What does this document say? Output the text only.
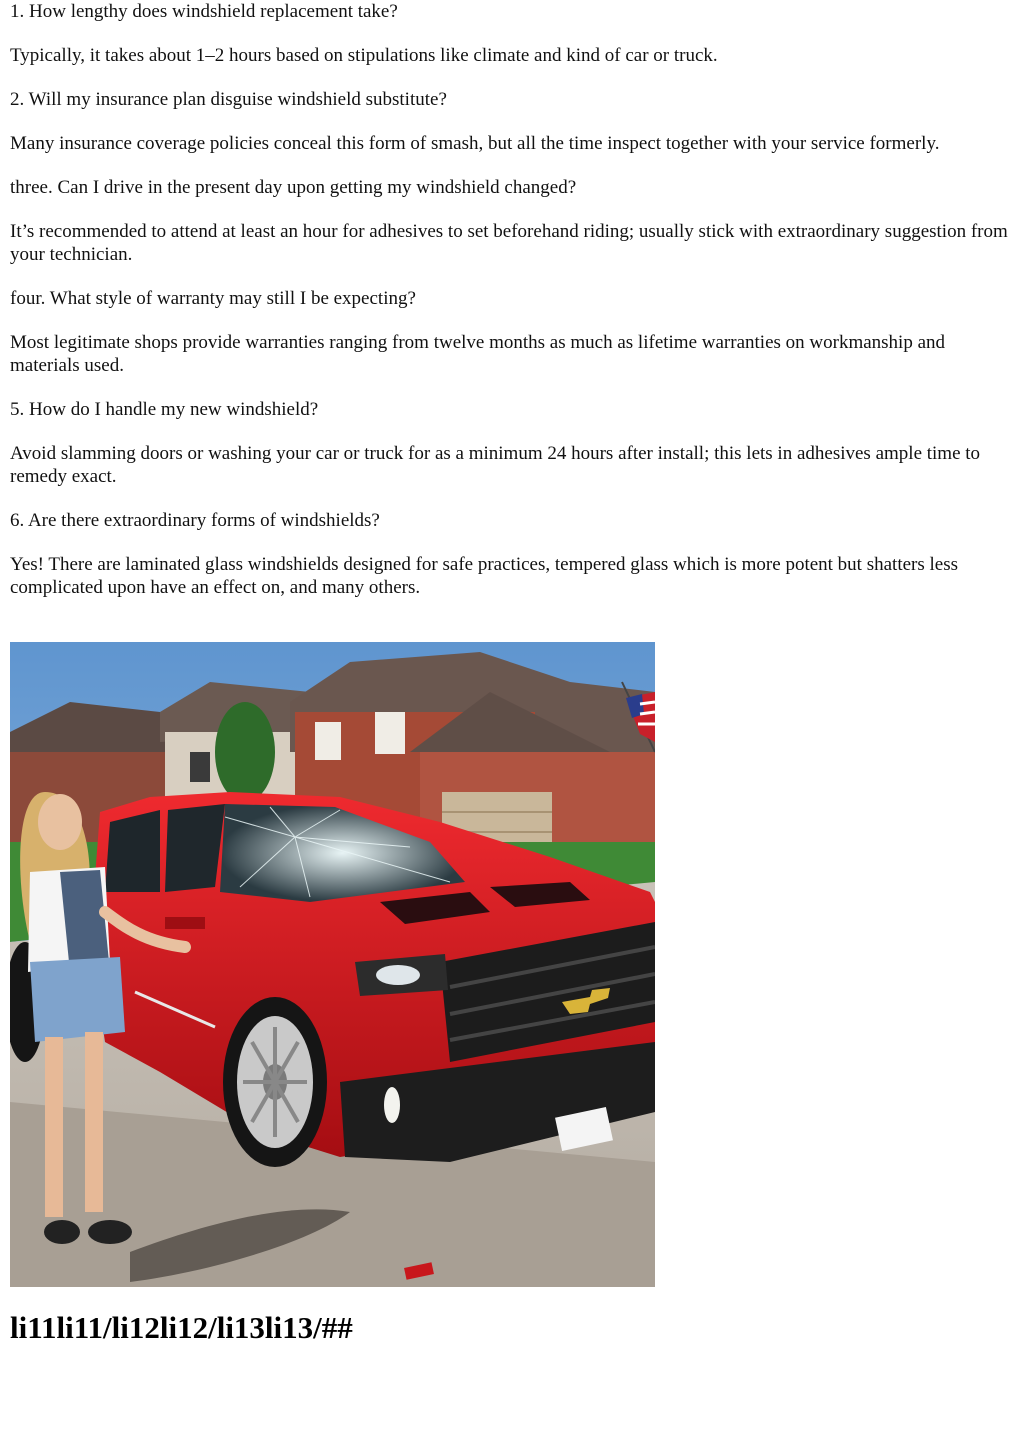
1. How lengthy does windshield replacement take?

Typically, it takes about 1–2 hours based on stipulations like climate and kind of car or truck.

2. Will my insurance plan disguise windshield substitute?

Many insurance coverage policies conceal this form of smash, but all the time inspect together with your service formerly.

three. Can I drive in the present day upon getting my windshield changed?

It’s recommended to attend at least an hour for adhesives to set beforehand riding; usually stick with extraordinary suggestion from your technician.

four. What style of warranty may still I be expecting?

Most legitimate shops provide warranties ranging from twelve months as much as lifetime warranties on workmanship and materials used.

5. How do I handle my new windshield?

Avoid slamming doors or washing your car or truck for as a minimum 24 hours after install; this lets in adhesives ample time to remedy exact.

6. Are there extraordinary forms of windshields?

Yes! There are laminated glass windshields designed for safe practices, tempered glass which is more potent but shatters less complicated upon have an effect on, and many others.

li11li11/li12li12/li13li13/##
